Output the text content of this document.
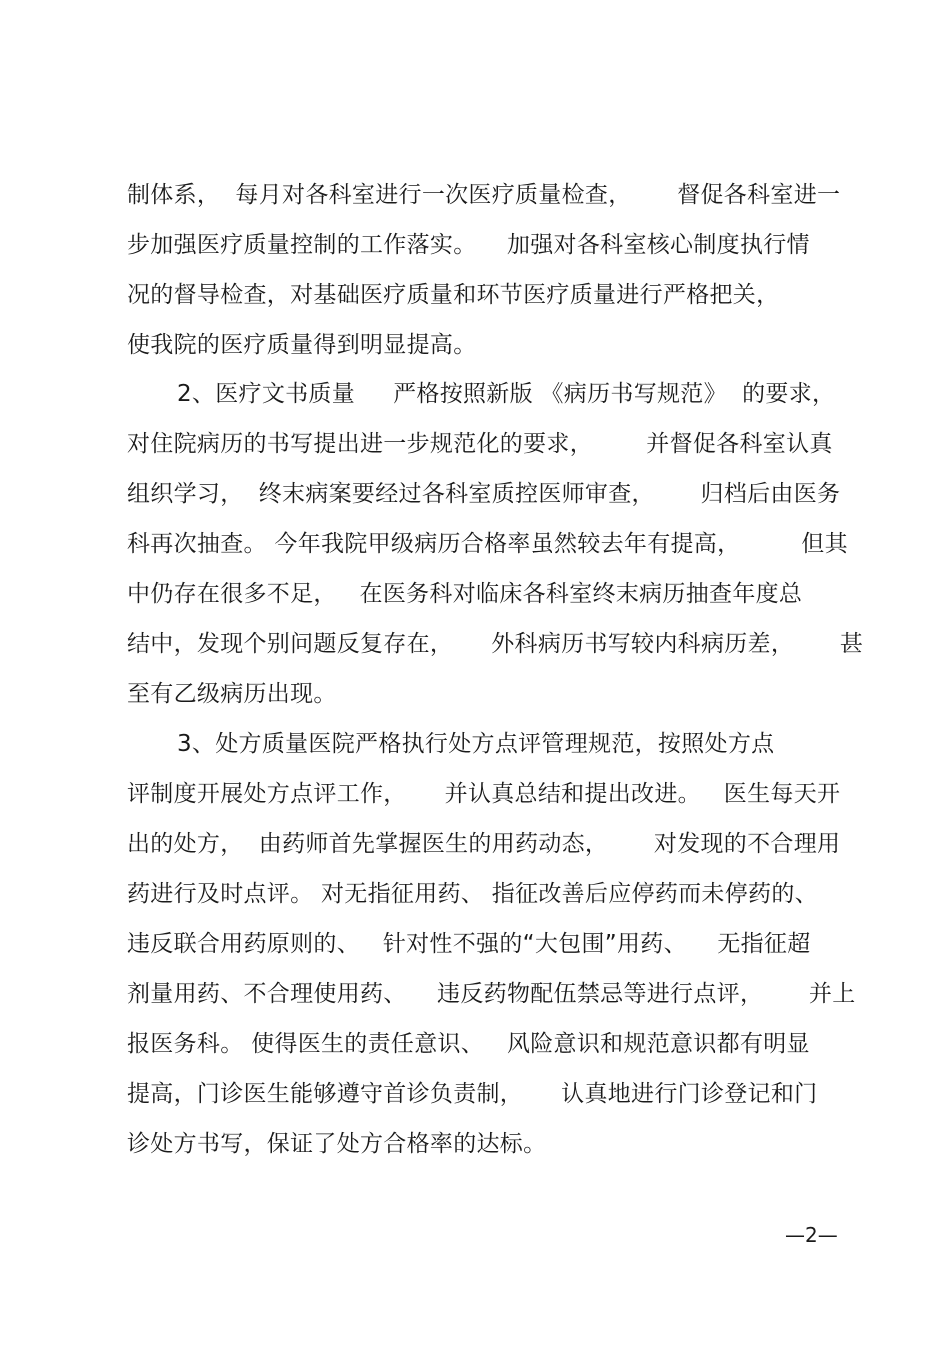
制体系，  每月对各科室进行一次医疗质量检查，      督促各科室进一
步加强医疗质量控制的工作落实。    加强对各科室核心制度执行情
况的督导检查，对基础医疗质量和环节医疗质量进行严格把关，
使我院的医疗质量得到明显提高。
2、医疗文书质量     严格按照新版 《病历书写规范》  的要求，
对住院病历的书写提出进一步规范化的要求，       并督促各科室认真
组织学习，  终末病案要经过各科室质控医师审查，      归档后由医务
科再次抽查。 今年我院甲级病历合格率虽然较去年有提高，        但其
中仍存在很多不足，   在医务科对临床各科室终末病历抽查年度总
结中，发现个别问题反复存在，     外科病历书写较内科病历差，      甚
至有乙级病历出现。
3、处方质量医院严格执行处方点评管理规范，按照处方点
评制度开展处方点评工作，     并认真总结和提出改进。   医生每天开
出的处方，  由药师首先掌握医生的用药动态，      对发现的不合理用
药进行及时点评。 对无指征用药、 指征改善后应停药而未停药的、
违反联合用药原则的、   针对性不强的“大包围”用药、    无指征超
剂量用药、不合理使用药、    违反药物配伍禁忌等进行点评，      并上
报医务科。 使得医生的责任意识、   风险意识和规范意识都有明显
提高，门诊医生能够遵守首诊负责制，     认真地进行门诊登记和门
诊处方书写，保证了处方合格率的达标。
—2—
